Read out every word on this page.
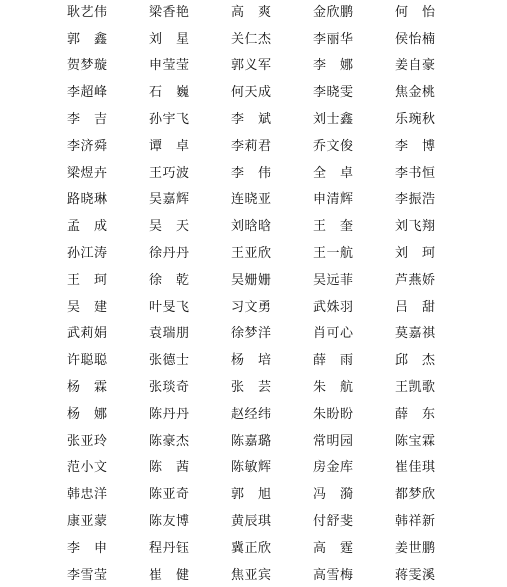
耿艺伟	梁香艳	高　爽	金欣鹏	何　怡
郭　鑫	刘　星	关仁杰	李丽华	侯怡楠
贺梦璇	申莹莹	郭义军	李　娜	姜自豪
李超峰	石　巍	何天成	李晓雯	焦金桃
李　吉	孙宇飞	李　斌	刘士鑫	乐琬秋
李济舜	谭　卓	李莉君	乔文俊	李　博
梁煜卉	王巧波	李　伟	全　卓	李书恒
路晓琳	吴嘉辉	连晓亚	申清辉	李振浩
孟　成	吴　天	刘晗晗	王　奎	刘飞翔
孙江涛	徐丹丹	王亚欣	王一航	刘　珂
王　珂	徐　乾	吴姗姗	吴远菲	芦燕娇
吴　建	叶旻飞	习文勇	武姝羽	吕　甜
武莉娟	袁瑞朋	徐梦洋	肖可心	莫嘉祺
许聪聪	张德士	杨　培	薛　雨	邱　杰
杨　霖	张琰奇	张　芸	朱　航	王凯歌
杨　娜	陈丹丹	赵经纬	朱盼盼	薛　东
张亚玲	陈豪杰	陈嘉璐	常明园	陈宝霖
范小文	陈　茜	陈敏辉	房金库	崔佳琪
韩忠洋	陈亚奇	郭　旭	冯　漪	都梦欣
康亚蒙	陈友博	黄辰琪	付舒斐	韩祥新
李　申	程丹钰	冀正欣	高　霆	姜世鹏
李雪莹	崔　健	焦亚宾	高雪梅	蒋雯溪
